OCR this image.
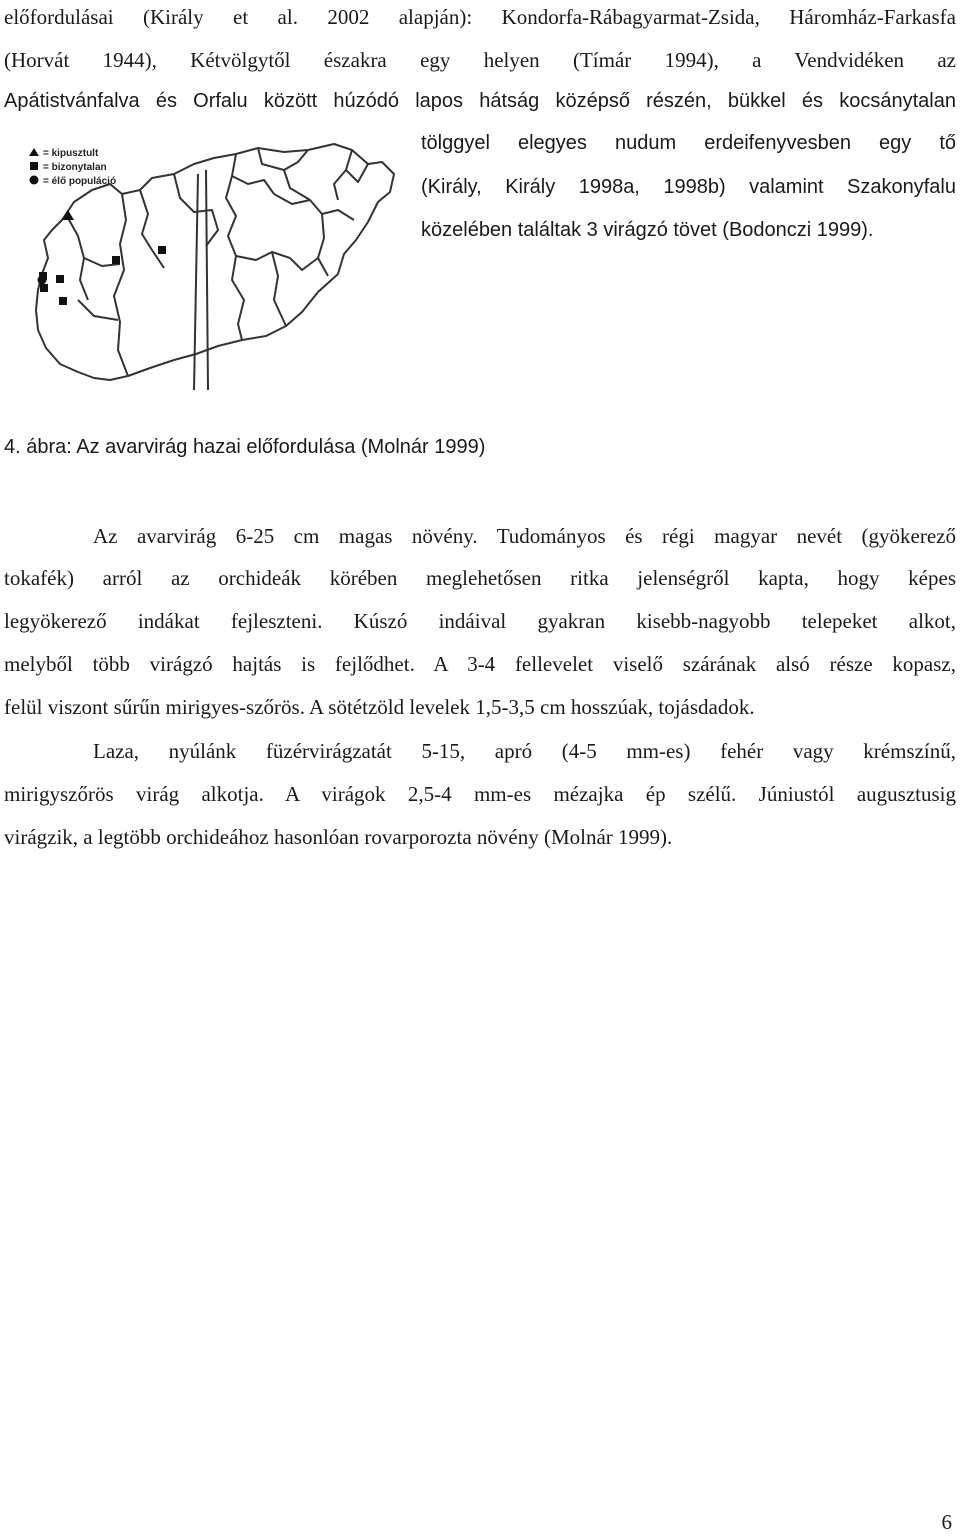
előfordulásai (Király et al. 2002 alapján): Kondorfa-Rábagyarmat-Zsida, Háromház-Farkasfa
(Horvát 1944), Kétvölgytől északra egy helyen (Tímár 1994), a Vendvidéken az
Apátistvánfalva és Orfalu között húzódó lapos hátság középső részén, bükkel és kocsánytalan
tölggyel elegyes nudum erdeifenyvesben egy tő
(Király, Király 1998a, 1998b) valamint Szakonyfalu
közelében találtak 3 virágzó tövet (Bodonczi 1999).
= kipusztult
= bizonytalan
= élő populáció
4. ábra: Az avarvirág hazai előfordulása (Molnár 1999)
Az avarvirág 6-25 cm magas növény. Tudományos és régi magyar nevét (gyökerező
tokafék) arról az orchideák körében meglehetősen ritka jelenségről kapta, hogy képes
legyökerező indákat fejleszteni. Kúszó indáival gyakran kisebb-nagyobb telepeket alkot,
melyből több virágzó hajtás is fejlődhet. A 3-4 fellevelet viselő szárának alsó része kopasz,
felül viszont sűrűn mirigyes-szőrös. A sötétzöld levelek 1,5-3,5 cm hosszúak, tojásdadok.
Laza, nyúlánk füzérvirágzatát 5-15, apró (4-5 mm-es) fehér vagy krémszínű,
mirigyszőrös virág alkotja. A virágok 2,5-4 mm-es mézajka ép szélű. Júniustól augusztusig
virágzik, a legtöbb orchideához hasonlóan rovarporozta növény (Molnár 1999).
6
